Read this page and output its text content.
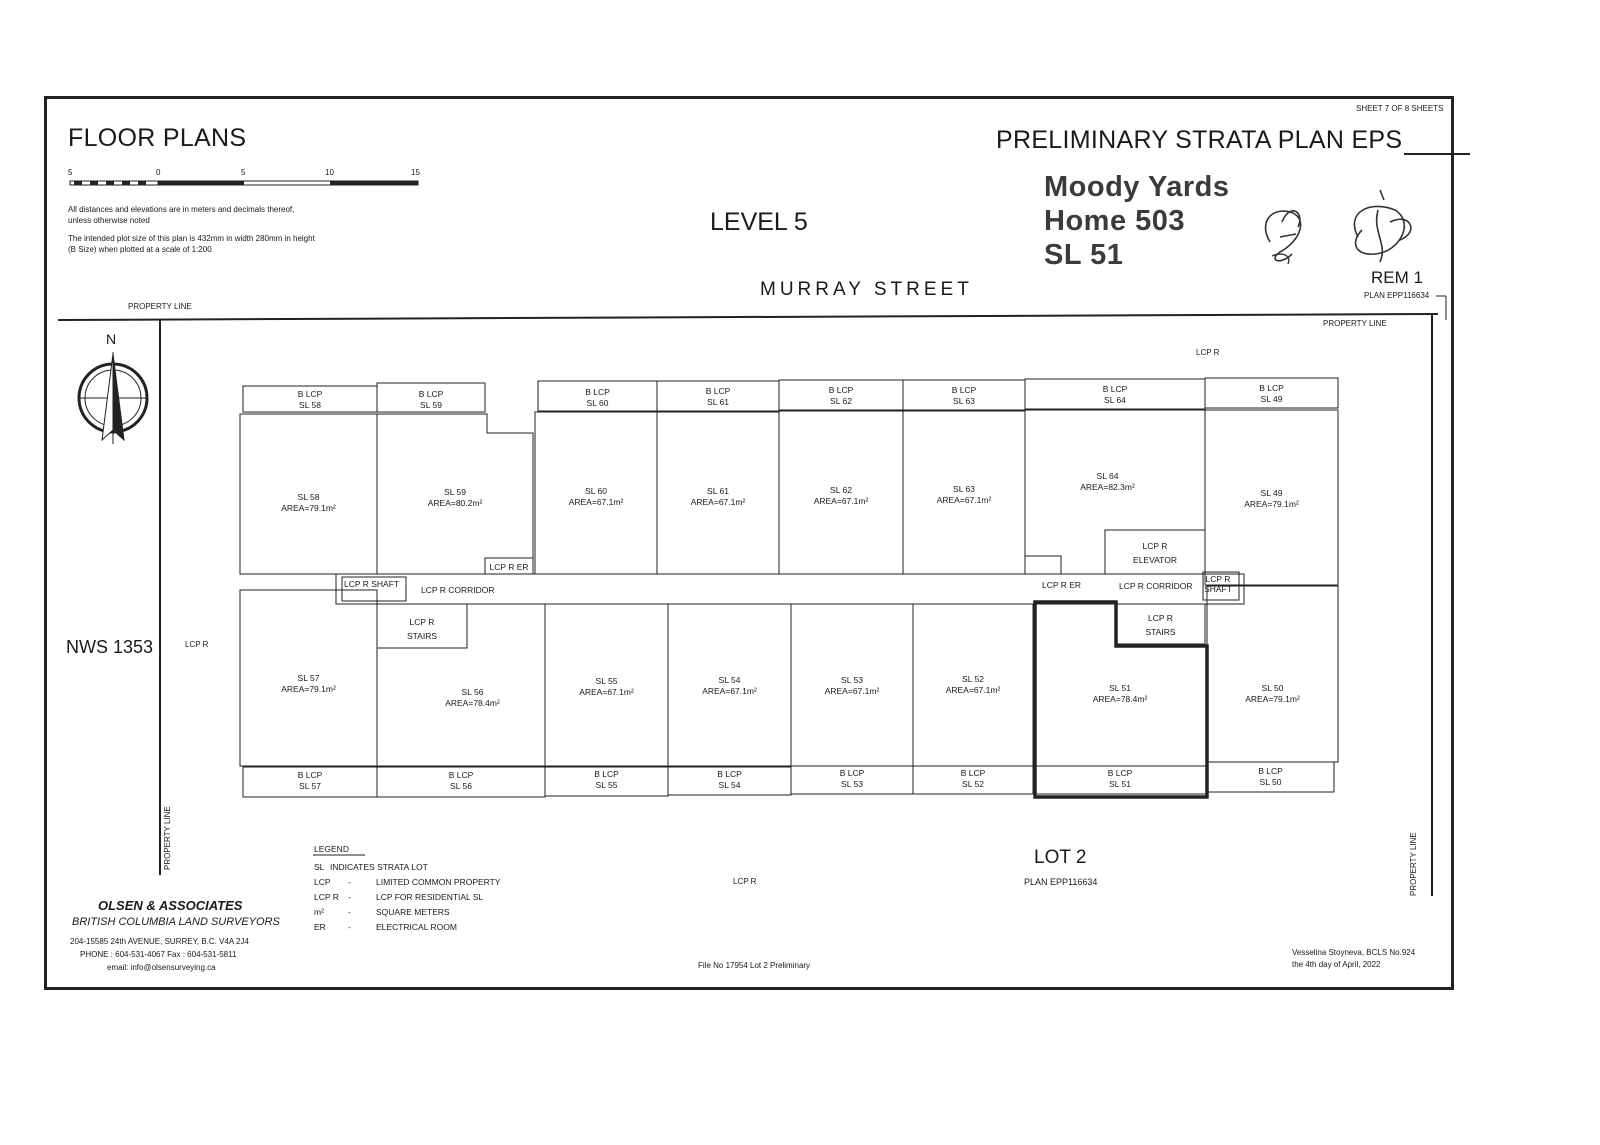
SHEET 7 OF 8 SHEETS
FLOOR PLANS	PRELIMINARY STRATA PLAN EPS
5	0	5	10	15
All distances and elevations are in meters and decimals thereof,
unless otherwise noted
The intended plot size of this plan is 432mm in width 280mm in height
(B Size) when plotted at a scale of 1:200
LEVEL 5
Moody Yards
Home 503
SL 51
REM 1
PLAN EPP116634
MURRAY STREET
PROPERTY LINE
PROPERTY LINE
PROPERTY LINE	PROPERTY LINE
N
NWS 1353	LCP R
LCP R
LCP R
B LCP
SL 58
B LCP
SL 59
B LCP
SL 60
B LCP
SL 61
B LCP
SL 62
B LCP
SL 63
B LCP
SL 64
B LCP
SL 49
SL 58
AREA=79.1m²
SL 59
AREA=80.2m²
SL 60
AREA=67.1m²
SL 61
AREA=67.1m²
SL 62
AREA=67.1m²
SL 63
AREA=67.1m²
SL 64
AREA=82.3m²
SL 49
AREA=79.1m²
LCP R ER
LCP R
ELEVATOR
LCP R SHAFT
LCP R CORRIDOR	LCP R ER	LCP R CORRIDOR
LCP R
SHAFT
LCP R
STAIRS
LCP R
STAIRS
SL 57
AREA=79.1m²	SL 56
AREA=78.4m²
SL 55
AREA=67.1m²
SL 54
AREA=67.1m²
SL 53
AREA=67.1m²
SL 52
AREA=67.1m²	SL 51
AREA=78.4m²
SL 50
AREA=79.1m²
B LCP
SL 57
B LCP
SL 56
B LCP
SL 55
B LCP
SL 54
B LCP
SL 53
B LCP
SL 52
B LCP
SL 51
B LCP
SL 50
LEGEND
SL INDICATES STRATA LOT
LCP -	LIMITED COMMON PROPERTY
LCP R -	LCP FOR RESIDENTIAL SL
m²	-	SQUARE METERS
ER	-	ELECTRICAL ROOM
LOT 2
PLAN EPP116634
OLSEN & ASSOCIATES
BRITISH COLUMBIA LAND SURVEYORS
204-15585 24th AVENUE, SURREY, B.C. V4A 2J4
PHONE : 604-531-4067 Fax : 604-531-5811
email: info@olsensurveying.ca	File No 17954 Lot 2 Preliminary
Vesselina Stoyneva, BCLS No.924
the 4th day of April, 2022
